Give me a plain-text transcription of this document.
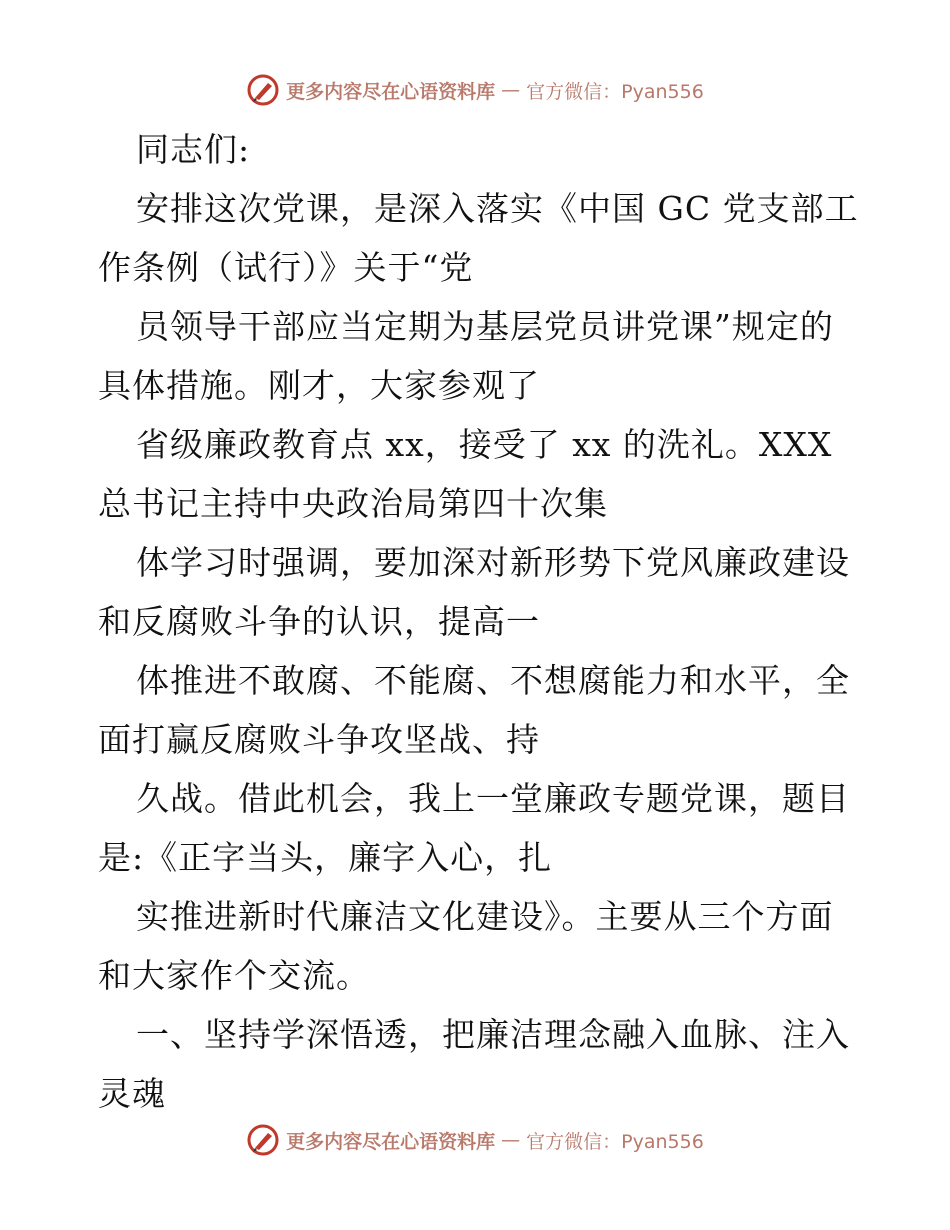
更多内容尽在心语资料库 — 官方微信：Pyan556
同志们:
安排这次党课，是深入落实《中国 GC 党支部工
作条例（试行）》关于“党
员领导干部应当定期为基层党员讲党课”规定的
具体措施。刚才，大家参观了
省级廉政教育点 xx，接受了 xx 的洗礼。XXX
总书记主持中央政治局第四十次集
体学习时强调，要加深对新形势下党风廉政建设
和反腐败斗争的认识，提高一
体推进不敢腐、不能腐、不想腐能力和水平，全
面打赢反腐败斗争攻坚战、持
久战。借此机会，我上一堂廉政专题党课，题目
是:《正字当头，廉字入心，扎
实推进新时代廉洁文化建设》。主要从三个方面
和大家作个交流。
一、坚持学深悟透，把廉洁理念融入血脉、注入
灵魂
更多内容尽在心语资料库 — 官方微信：Pyan556
